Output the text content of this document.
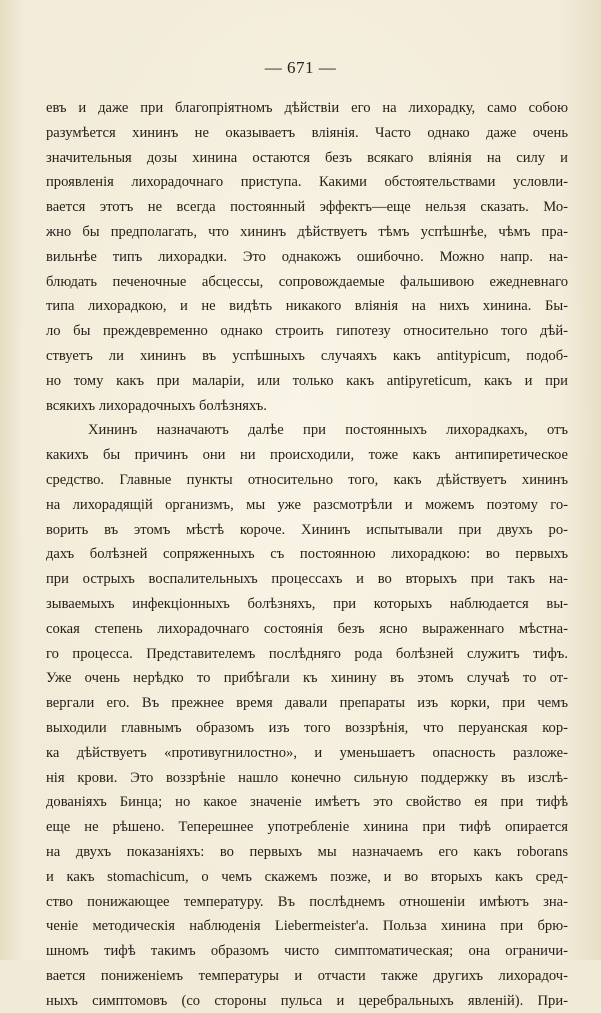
— 671 —
евъ и даже при благопріятномъ дѣйствіи его на лихорадку, само собою
разумѣется хининъ не оказываетъ вліянія. Часто однако даже очень
значительныя дозы хинина остаются безъ всякаго вліянія на силу и
проявленія лихорадочнаго приступа. Какими обстоятельствами условли-
вается этотъ не всегда постоянный эффектъ—еще нельзя сказать. Мо-
жно бы предполагать, что хининъ дѣйствуетъ тѣмъ успѣшнѣе, чѣмъ пра-
вильнѣе типъ лихорадки. Это однакожъ ошибочно. Можно напр. на-
блюдать печеночные абсцессы, сопровождаемые фальшивою ежедневнаго
типа лихорадкою, и не видѣть никакого вліянія на нихъ хинина. Бы-
ло бы преждевременно однако строить гипотезу относительно того дѣй-
ствуетъ ли хининъ въ успѣшныхъ случаяхъ какъ antitypicum, подоб-
но тому какъ при маларіи, или только какъ antipyreticum, какъ и при
всякихъ лихорадочныхъ болѣзняхъ.
Хининъ назначаютъ далѣе при постоянныхъ лихорадкахъ, отъ
какихъ бы причинъ они ни происходили, тоже какъ антипиретическое
средство. Главные пункты относительно того, какъ дѣйствуетъ хининъ
на лихорадящій организмъ, мы уже разсмотрѣли и можемъ поэтому го-
ворить въ этомъ мѣстѣ короче. Хининъ испытывали при двухъ ро-
дахъ болѣзней сопряженныхъ съ постоянною лихорадкою: во первыхъ
при острыхъ воспалительныхъ процессахъ и во вторыхъ при такъ на-
зываемыхъ инфекціонныхъ болѣзняхъ, при которыхъ наблюдается вы-
сокая степень лихорадочнаго состоянія безъ ясно выраженнаго мѣстна-
го процесса. Представителемъ послѣдняго рода болѣзней служитъ тифъ.
Уже очень нерѣдко то прибѣгали къ хинину въ этомъ случаѣ то от-
вергали его. Въ прежнее время давали препараты изъ корки, при чемъ
выходили главнымъ образомъ изъ того воззрѣнія, что перуанская кор-
ка дѣйствуетъ «противугнилостно», и уменьшаетъ опасность разложе-
нія крови. Это воззрѣніе нашло конечно сильную поддержку въ изслѣ-
дованіяхъ Бинца; но какое значеніе имѣетъ это свойство ея при тифѣ
еще не рѣшено. Теперешнее употребленіе хинина при тифѣ опирается
на двухъ показаніяхъ: во первыхъ мы назначаемъ его какъ roborans
и какъ stomachicum, о чемъ скажемъ позже, и во вторыхъ какъ сред-
ство понижающее температуру. Въ послѣднемъ отношеніи имѣютъ зна-
ченіе методическія наблюденія Liebermeister'a. Польза хинина при брю-
шномъ тифѣ такимъ образомъ чисто симптоматическая; она ограничи-
вается пониженіемъ температуры и отчасти также другихъ лихорадоч-
ныхъ симптомовъ (со стороны пульса и церебральныхъ явленій). При-
